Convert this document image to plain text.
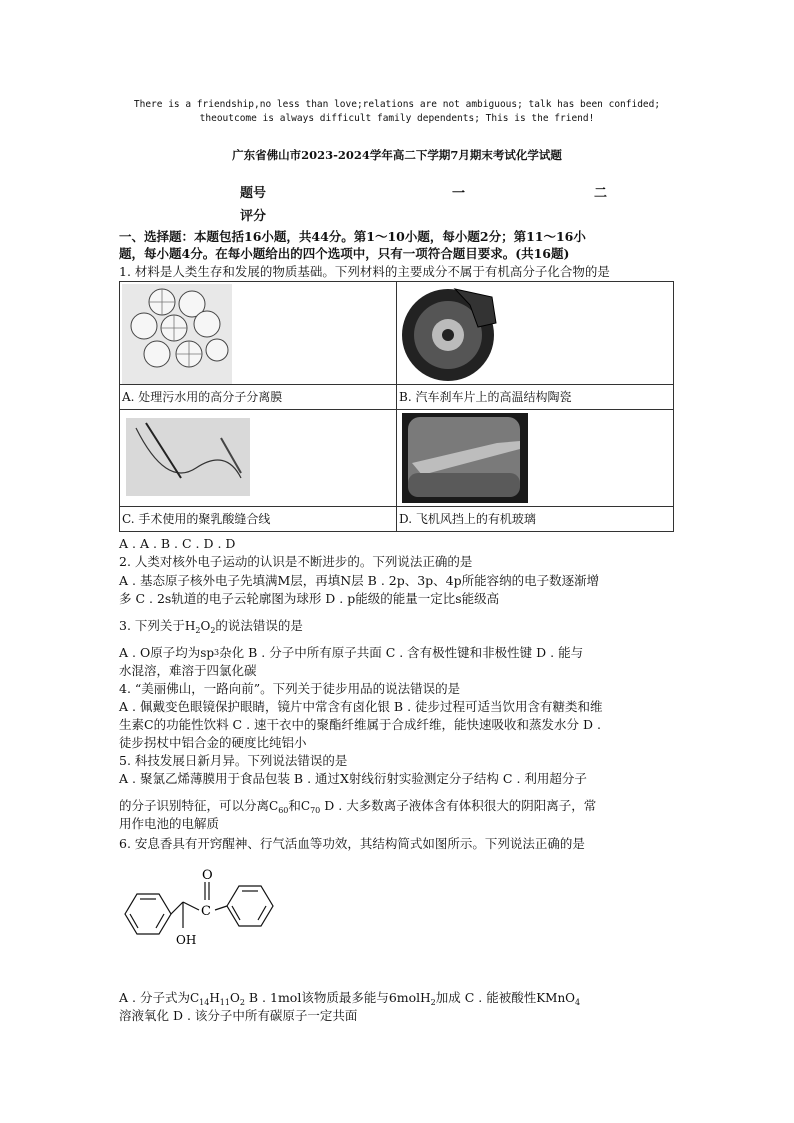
There is a friendship,no less than love;relations are not ambiguous; talk has been confided;
theoutcome is always difficult family dependents; This is the friend!
广东省佛山市2023-2024学年高二下学期7月期末考试化学试题
题号	一	二
评分
一、选择题：本题包括16小题，共44分。第1～10小题，每小题2分；第11～16小
题，每小题4分。在每小题给出的四个选项中，只有一项符合题目要求。(共16题)
1. 材料是人类生存和发展的物质基础。下列材料的主要成分不属于有机高分子化合物的是
A. 处理污水用的高分子分离膜	B. 汽车刹车片上的高温结构陶瓷

C. 手术使用的聚乳酸缝合线	D. 飞机风挡上的有机玻璃
A . A . B . C . D . D
2. 人类对核外电子运动的认识是不断进步的。下列说法正确的是
A . 基态原子核外电子先填满M层，再填N层 B . 2p、3p、4p所能容纳的电子数逐渐增
多 C . 2s轨道的电子云轮廓图为球形 D . p能级的能量一定比s能级高
3. 下列关于$H_2O_2$的说法错误的是
A . O原子均为$sp^3$杂化 B . 分子中所有原子共面 C . 含有极性键和非极性键 D . 能与
水混溶，难溶于四氯化碳
4. “美丽佛山，一路向前”。下列关于徒步用品的说法错误的是
A . 佩戴变色眼镜保护眼睛，镜片中常含有卤化银 B . 徒步过程可适当饮用含有糖类和维
生素C的功能性饮料 C . 速干衣中的聚酯纤维属于合成纤维，能快速吸收和蒸发水分 D .
徒步拐杖中铝合金的硬度比纯铝小
5. 科技发展日新月异。下列说法错误的是
A . 聚氯乙烯薄膜用于食品包装 B . 通过X射线衍射实验测定分子结构 C . 利用超分子
的分子识别特征，可以分离$C_{60}$和$C_{70}$ D . 大多数离子液体含有体积很大的阴阳离子，常
用作电池的电解质
6. 安息香具有开窍醒神、行气活血等功效，其结构简式如图所示。下列说法正确的是
O
C
OH
A . 分子式为$C_{14}H_{11}O_2$ B . 1mol该物质最多能与6molH$_2$加成 C . 能被酸性KMnO$_4$
溶液氧化 D . 该分子中所有碳原子一定共面
